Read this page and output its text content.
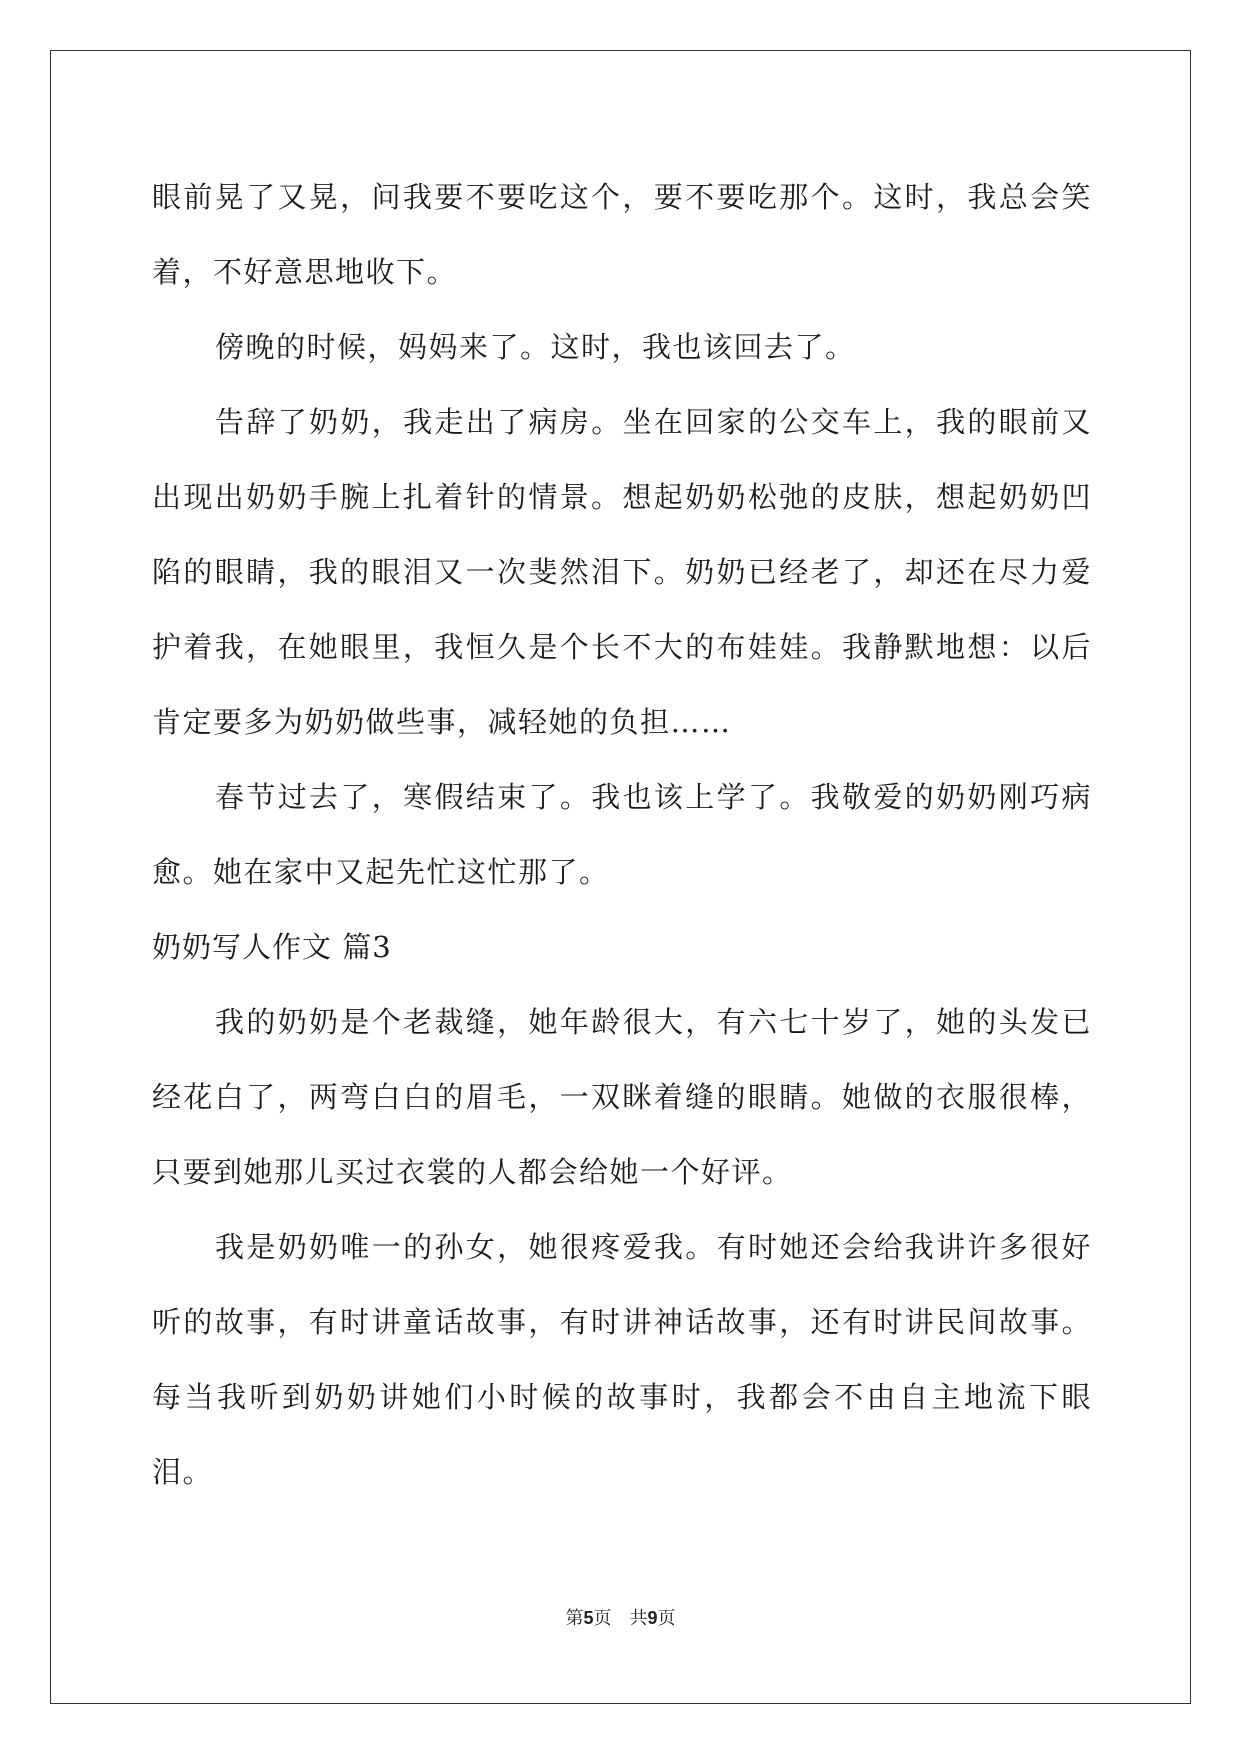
眼前晃了又晃，问我要不要吃这个，要不要吃那个。这时，我总会笑着，不好意思地收下。

傍晚的时候，妈妈来了。这时，我也该回去了。

告辞了奶奶，我走出了病房。坐在回家的公交车上，我的眼前又出现出奶奶手腕上扎着针的情景。想起奶奶松弛的皮肤，想起奶奶凹陷的眼睛，我的眼泪又一次斐然泪下。奶奶已经老了，却还在尽力爱护着我，在她眼里，我恒久是个长不大的布娃娃。我静默地想：以后肯定要多为奶奶做些事，减轻她的负担……

春节过去了，寒假结束了。我也该上学了。我敬爱的奶奶刚巧病愈。她在家中又起先忙这忙那了。

奶奶写人作文 篇3

我的奶奶是个老裁缝，她年龄很大，有六七十岁了，她的头发已经花白了，两弯白白的眉毛，一双眯着缝的眼睛。她做的衣服很棒，只要到她那儿买过衣裳的人都会给她一个好评。

我是奶奶唯一的孙女，她很疼爱我。有时她还会给我讲许多很好听的故事，有时讲童话故事，有时讲神话故事，还有时讲民间故事。每当我听到奶奶讲她们小时候的故事时，我都会不由自主地流下眼泪。

第5页 共9页
